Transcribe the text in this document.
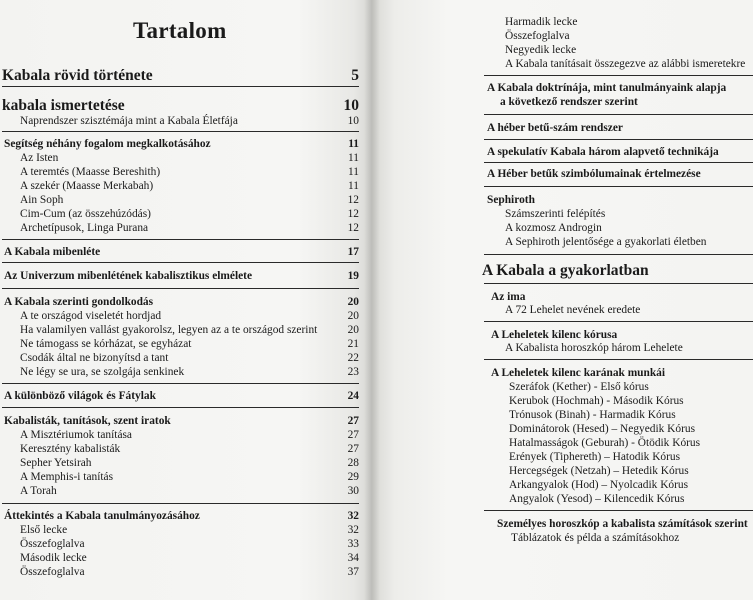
Tartalom
Kabala rövid története	5
kabala ismertetése	10
Naprendszer szisztémája mint a Kabala Életfája	10
Segítség néhány fogalom megkalkotásához	11
Az Isten	11
A teremtés (Maasse Bereshith)	11
A szekér (Maasse Merkabah)	11
Ain Soph	12
Cim-Cum (az összehúzódás)	12
Archetípusok, Linga Purana	12
A Kabala mibenléte	17
Az Univerzum mibenlétének kabalisztikus elmélete	19
A Kabala szerinti gondolkodás	20
A te országod viseletét hordjad	20
Ha valamilyen vallást gyakorolsz, legyen az a te országod szerint	20
Ne támogass se kórházat, se egyházat	21
Csodák által ne bizonyítsd a tant	22
Ne légy se ura, se szolgája senkinek	23
A különböző világok és Fátylak	24
Kabalisták, tanítások, szent iratok	27
A Misztériumok tanítása	27
Keresztény kabalisták	27
Sepher Yetsirah	28
A Memphis-i tanítás	29
A Torah	30
Áttekintés a Kabala tanulmányozásához	32
Első lecke	32
Összefoglalva	33
Második lecke	34
Összefoglalva	37
Harmadik lecke
Összefoglalva
Negyedik lecke
A Kabala tanításait összegezve az alábbi ismeretekre
A Kabala doktrínája, mint tanulmányaink alapja
a következő rendszer szerint
A héber betű-szám rendszer
A spekulatív Kabala három alapvető technikája
A Héber betűk szimbólumainak értelmezése
Sephiroth
Számszerinti felépítés
A kozmosz Androgin
A Sephiroth jelentősége a gyakorlati életben
A Kabala a gyakorlatban
Az ima
A 72 Lehelet nevének eredete
A Leheletek kilenc kórusa
A Kabalista horoszkóp három Lehelete
A Leheletek kilenc karának munkái
Szeráfok (Kether) - Első kórus
Kerubok (Hochmah) - Második Kórus
Trónusok (Binah) - Harmadik Kórus
Dominátorok (Hesed) – Negyedik Kórus
Hatalmasságok (Geburah) - Ötödik Kórus
Erények (Tiphereth) – Hatodik Kórus
Hercegségek (Netzah) – Hetedik Kórus
Arkangyalok (Hod) – Nyolcadik Kórus
Angyalok (Yesod) – Kilencedik Kórus
Személyes horoszkóp a kabalista számítások szerint
Táblázatok és példa a számításokhoz
